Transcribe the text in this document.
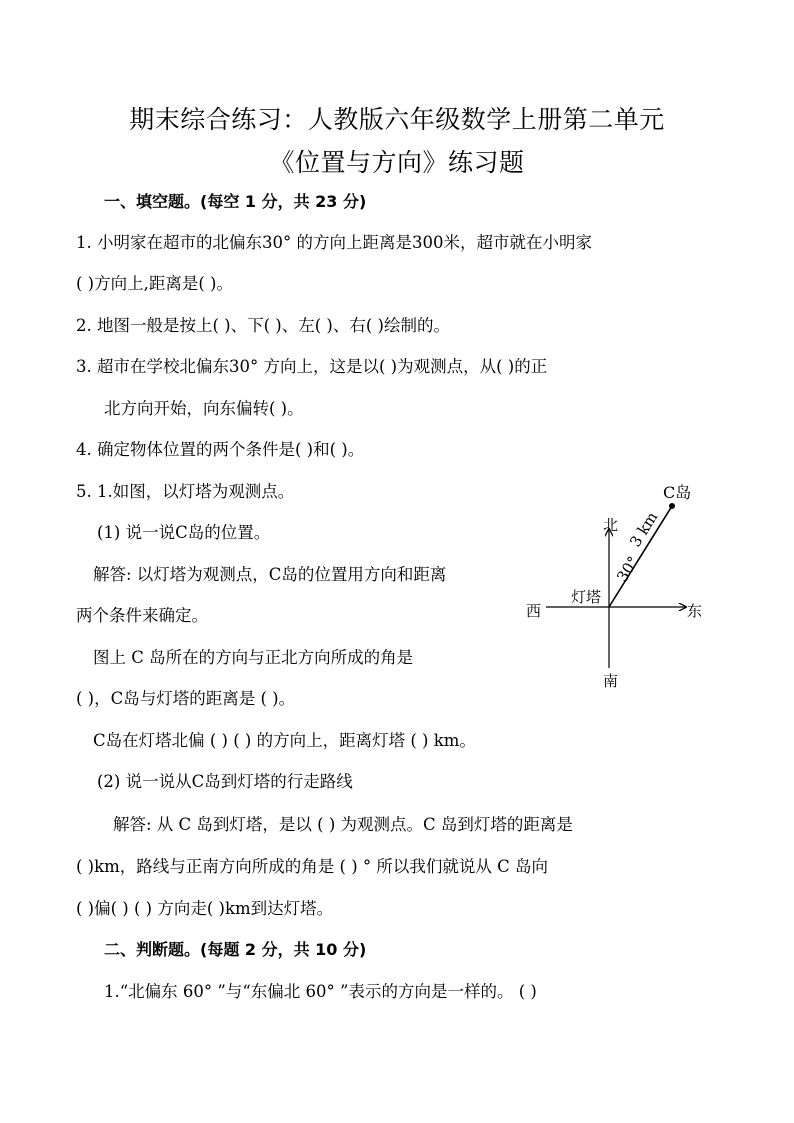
期末综合练习：人教版六年级数学上册第二单元
《位置与方向》练习题
一、填空题。(每空 1 分，共 23 分)
1. 小明家在超市的北偏东30° 的方向上距离是300米，超市就在小明家
( )方向上,距离是( )。
2. 地图一般是按上( )、下( )、左( )、右( )绘制的。
3. 超市在学校北偏东30° 方向上，这是以( )为观测点，从( )的正
北方向开始，向东偏转( )。
4. 确定物体位置的两个条件是( )和( )。
5. 1.如图，以灯塔为观测点。
(1) 说一说C岛的位置。
解答: 以灯塔为观测点，C岛的位置用方向和距离
两个条件来确定。
图上 C 岛所在的方向与正北方向所成的角是
( )，C岛与灯塔的距离是 ( )。
C岛在灯塔北偏 ( ) ( ) 的方向上，距离灯塔 ( ) km。
(2) 说一说从C岛到灯塔的行走路线
解答: 从 C 岛到灯塔，是以 ( ) 为观测点。C 岛到灯塔的距离是
( )km，路线与正南方向所成的角是 ( ) ° 所以我们就说从 C 岛向
( )偏( ) ( ) 方向走( )km到达灯塔。
二、判断题。(每题 2 分，共 10 分)
1.“北偏东 60° ”与“东偏北 60° ”表示的方向是一样的。 ( )
北
南
东
西
灯塔
C岛
30°
3 km
